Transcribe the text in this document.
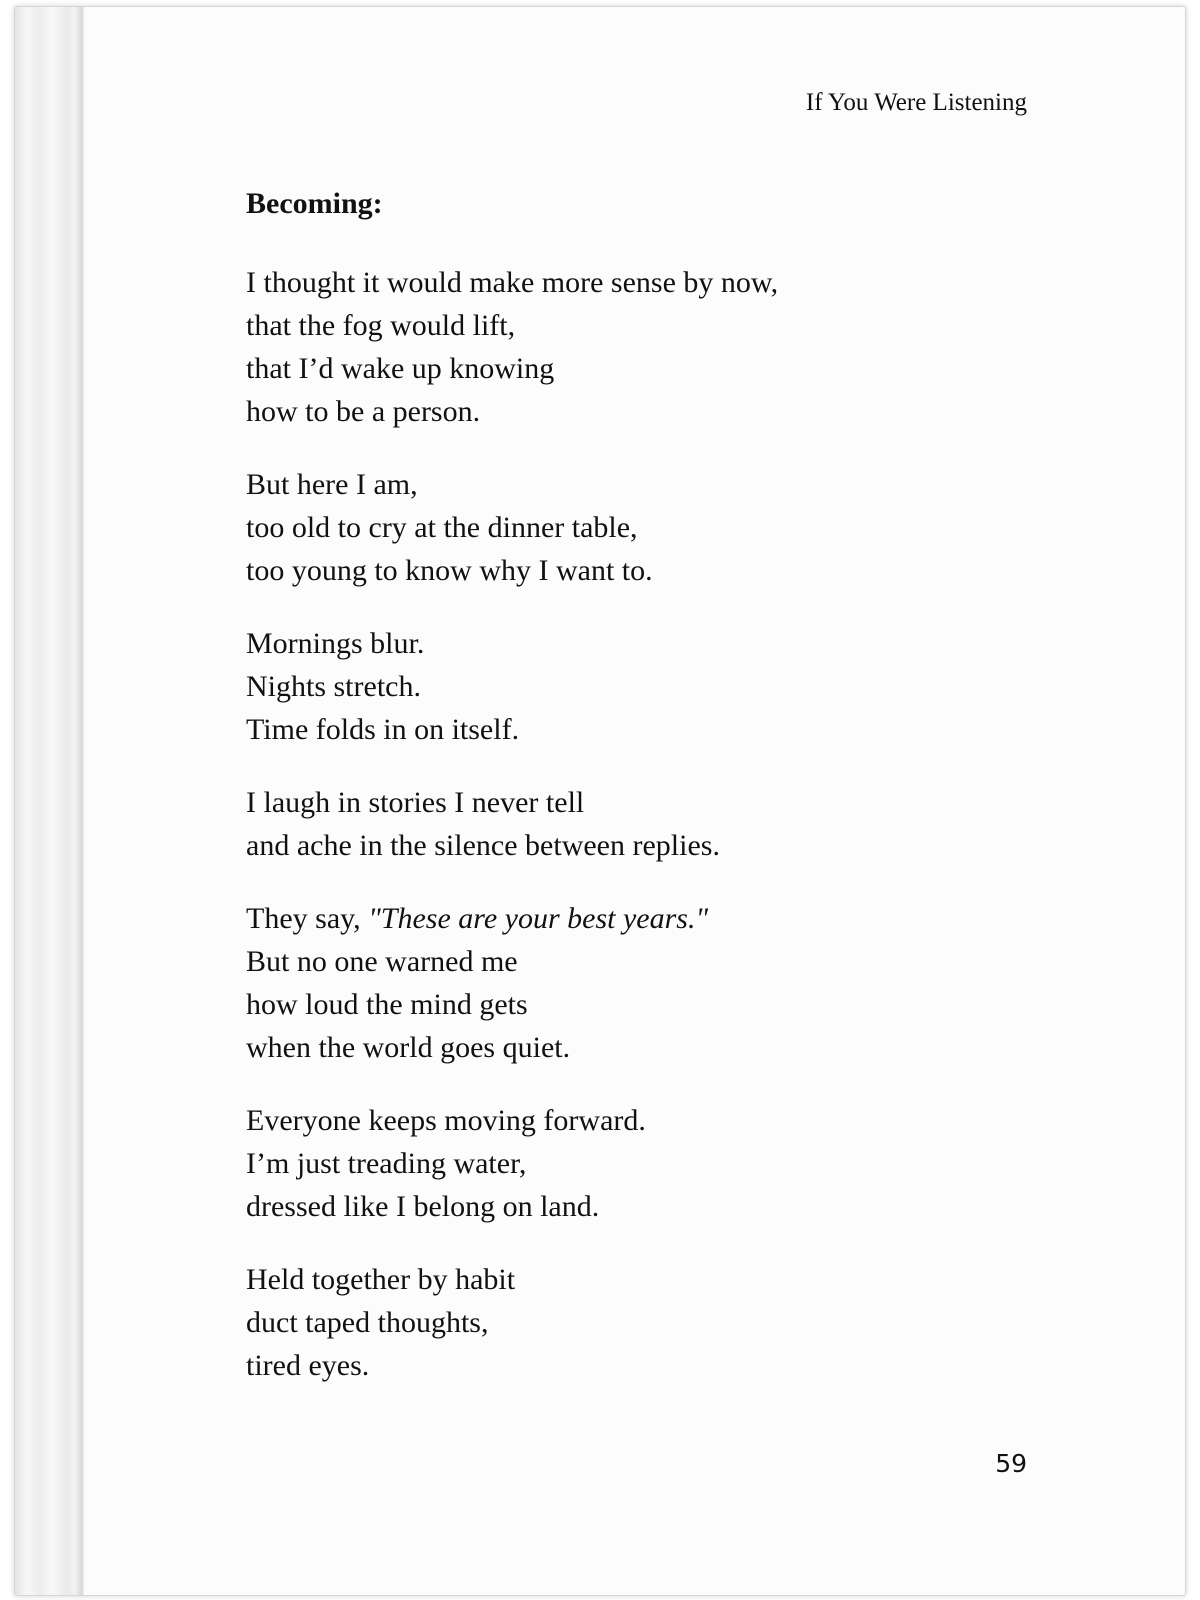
If You Were Listening
Becoming:
I thought it would make more sense by now,
that the fog would lift,
that I’d wake up knowing
how to be a person.
But here I am,
too old to cry at the dinner table,
too young to know why I want to.
Mornings blur.
Nights stretch.
Time folds in on itself.
I laugh in stories I never tell
and ache in the silence between replies.
They say, "These are your best years."
But no one warned me
how loud the mind gets
when the world goes quiet.
Everyone keeps moving forward.
I’m just treading water,
dressed like I belong on land.
Held together by habit
duct taped thoughts,
tired eyes.
59
